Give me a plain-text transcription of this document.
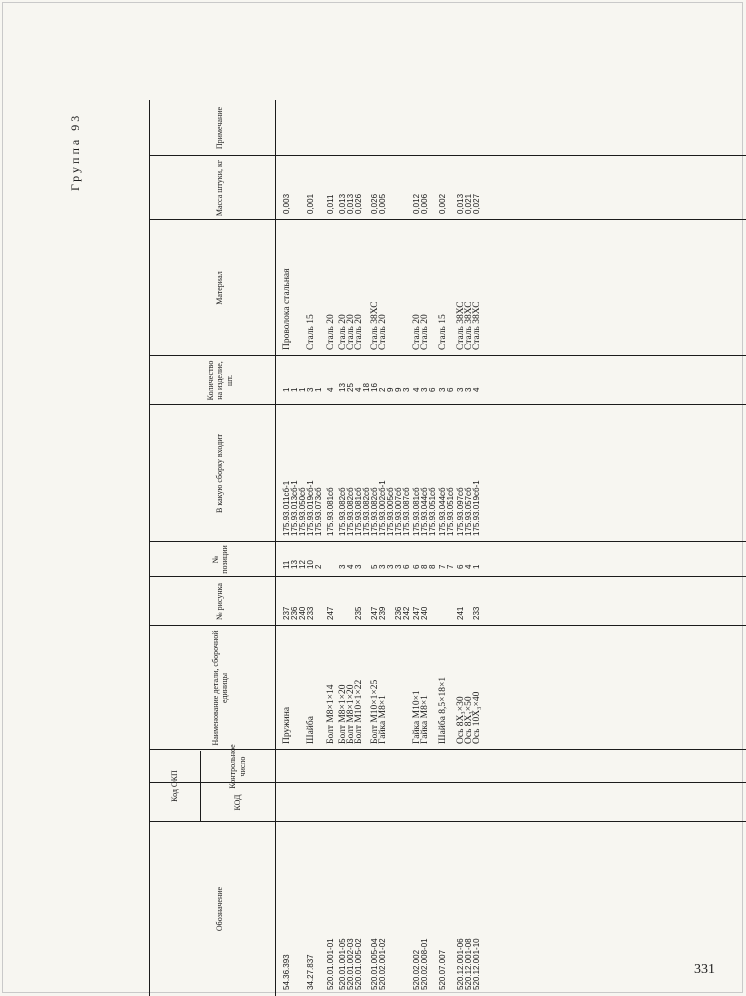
Группа 93
Обозначение
Код ОКП
КОД
Контрольное число
Наименование детали, сборочной единицы
№ рисунка
№ позиции
В какую сборку входит
Количество на изделие, шт.
Материал
Масса штуки, кг
Примечание
54.36.393
Пружина
237
11
175.93.011сб-1
1
Проволока стальная
0,003
236
13
175.93.013сб-1
1
240
12
175.93.050сб
1
34.27.837
Шайба
233
10
175.93.019сб-1
3
Сталь 15
0,001
2
175.93.073сб
1
520.01.001-01
Болт М8×1×14
247
175.93.081сб
4
Сталь 20
0,011
520.01.001-05
Болт М8×1×20
3
175.93.082сб
13
Сталь 20
0,013
520.01.002-03
Болт М8×1×20
4
175.93.082сб
25
Сталь 20
0,013
520.01.005-02
Болт М10×1×22
235
3
175.93.081сб
4
Сталь 20
0,026
175.93.082сб
18
520.01.005-04
Болт М10×1×25
247
5
175.93.082сб
16
Сталь 38ХС
0,026
520.02.001-02
Гайка М8×1
239
3
175.93.002сб-1
2
Сталь 20
0,005
3
175.93.005сб
9
236
3
175.93.007сб
9
242
6
175.93.087сб
3
520.02.002
Гайка М10×1
247
6
175.93.081сб
4
Сталь 20
0,012
520.02.008-01
Гайка М8×1
240
8
175.93.044сб
3
Сталь 20
0,006
8
175.93.051сб
6
520.07.007
Шайба 8,5×18×1
7
175.93.044сб
3
Сталь 15
0,002
7
175.93.051сб
6
520.12.001-06
Ось 8X₃×30
241
6
175.93.097сб
3
Сталь 38ХС
0,013
520.12.001-08
Ось 8X₃×50
4
175.93.057сб
3
Сталь 38ХС
0,021
520.12.001-10
Ось 10X₃×40
233
1
175.93.019сб-1
4
Сталь 38ХС
0,027
331
